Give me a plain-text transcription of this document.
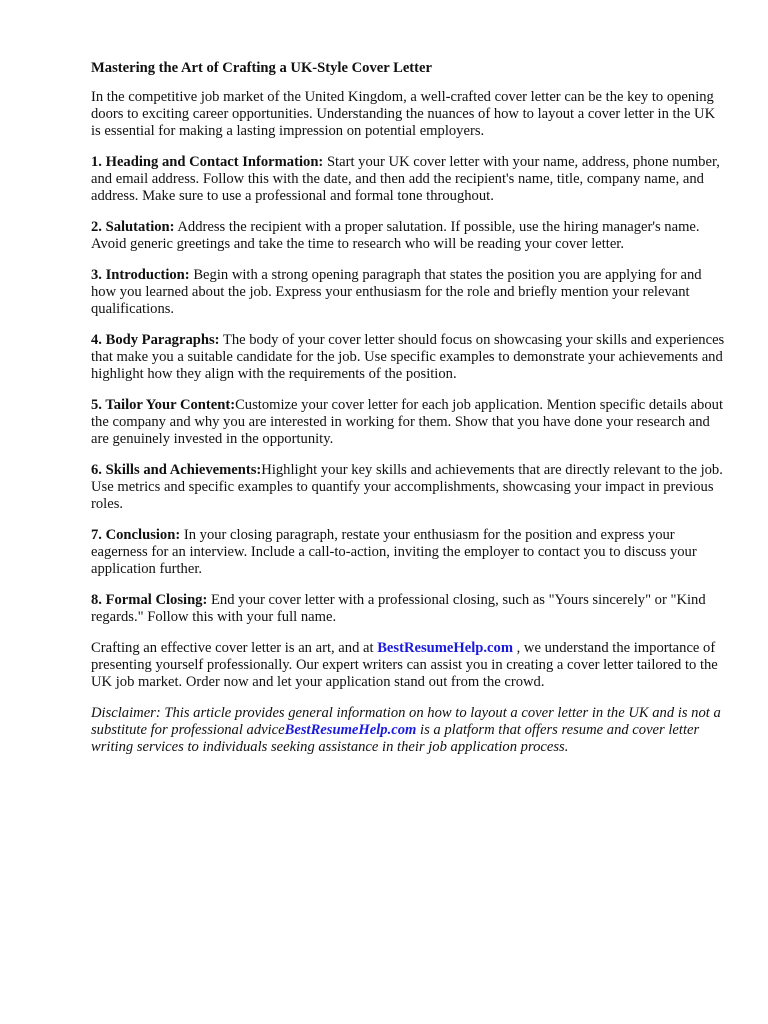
Mastering the Art of Crafting a UK-Style Cover Letter

In the competitive job market of the United Kingdom, a well-crafted cover letter can be the key to opening doors to exciting career opportunities. Understanding the nuances of how to layout a cover letter in the UK is essential for making a lasting impression on potential employers.

1. Heading and Contact Information: Start your UK cover letter with your name, address, phone number, and email address. Follow this with the date, and then add the recipient's name, title, company name, and address. Make sure to use a professional and formal tone throughout.

2. Salutation: Address the recipient with a proper salutation. If possible, use the hiring manager's name. Avoid generic greetings and take the time to research who will be reading your cover letter.

3. Introduction: Begin with a strong opening paragraph that states the position you are applying for and how you learned about the job. Express your enthusiasm for the role and briefly mention your relevant qualifications.

4. Body Paragraphs: The body of your cover letter should focus on showcasing your skills and experiences that make you a suitable candidate for the job. Use specific examples to demonstrate your achievements and highlight how they align with the requirements of the position.

5. Tailor Your Content:Customize your cover letter for each job application. Mention specific details about the company and why you are interested in working for them. Show that you have done your research and are genuinely invested in the opportunity.

6. Skills and Achievements:Highlight your key skills and achievements that are directly relevant to the job. Use metrics and specific examples to quantify your accomplishments, showcasing your impact in previous roles.

7. Conclusion: In your closing paragraph, restate your enthusiasm for the position and express your eagerness for an interview. Include a call-to-action, inviting the employer to contact you to discuss your application further.

8. Formal Closing: End your cover letter with a professional closing, such as "Yours sincerely" or "Kind regards." Follow this with your full name.

Crafting an effective cover letter is an art, and at BestResumeHelp.com , we understand the importance of presenting yourself professionally. Our expert writers can assist you in creating a cover letter tailored to the UK job market. Order now and let your application stand out from the crowd.

Disclaimer: This article provides general information on how to layout a cover letter in the UK and is not a substitute for professional adviceBestResumeHelp.com is a platform that offers resume and cover letter writing services to individuals seeking assistance in their job application process.
